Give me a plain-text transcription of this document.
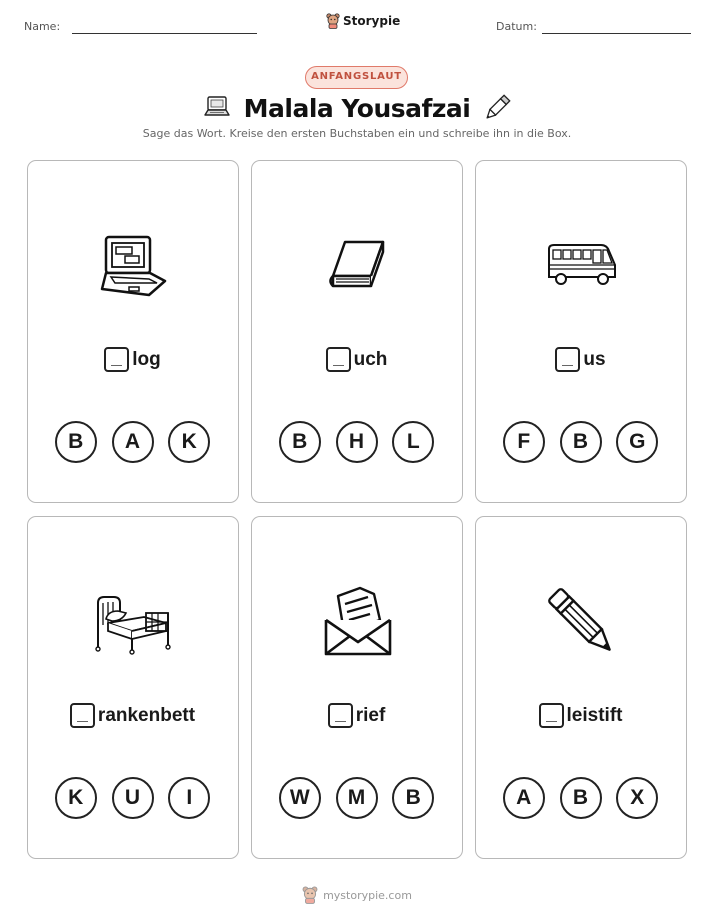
Name:	Storypie	Datum:
ANFANGSLAUT
Malala Yousafzai
Sage das Wort. Kreise den ersten Buchstaben ein und schreibe ihn in die Box.
log
B	A	K
uch
B	H	L
us
F	B	G
rankenbett
K	U	I
rief
W	M	B
leistift
A	B	X
mystorypie.com
